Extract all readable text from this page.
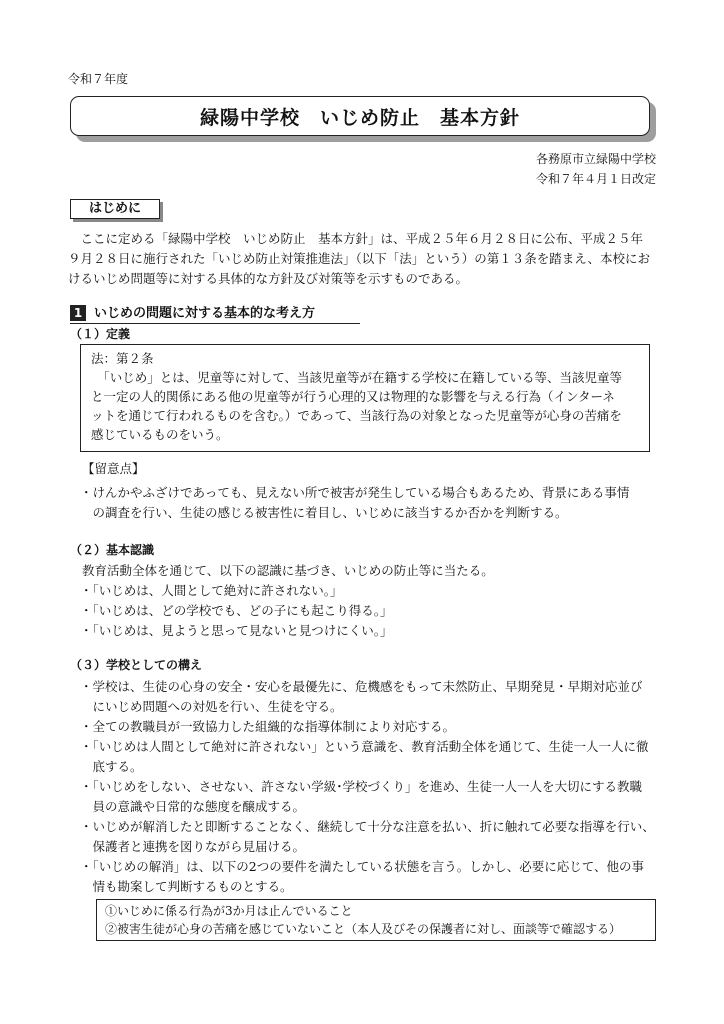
令和７年度
緑陽中学校　いじめ防止　基本方針
各務原市立緑陽中学校
令和７年４月１日改定
はじめに
　ここに定める「緑陽中学校　いじめ防止　基本方針」は、平成２５年６月２８日に公布、平成２５年
９月２８日に施行された「いじめ防止対策推進法」（以下「法」という）の第１３条を踏まえ、本校にお
けるいじめ問題等に対する具体的な方針及び対策等を示すものである。
1 いじめの問題に対する基本的な考え方
（１）定義
法：第２条
　「いじめ」とは、児童等に対して、当該児童等が在籍する学校に在籍している等、当該児童等
と一定の人的関係にある他の児童等が行う心理的又は物理的な影響を与える行為（インターネ
ットを通じて行われるものを含む。）であって、当該行為の対象となった児童等が心身の苦痛を
感じているものをいう。
【留意点】
・けんかやふざけであっても、見えない所で被害が発生している場合もあるため、背景にある事情
　の調査を行い、生徒の感じる被害性に着目し、いじめに該当するか否かを判断する。
（２）基本認識
教育活動全体を通じて、以下の認識に基づき、いじめの防止等に当たる。
・「いじめは、人間として絶対に許されない。」
・「いじめは、どの学校でも、どの子にも起こり得る。」
・「いじめは、見ようと思って見ないと見つけにくい。」
（３）学校としての構え
・学校は、生徒の心身の安全・安心を最優先に、危機感をもって未然防止、早期発見・早期対応並び
　にいじめ問題への対処を行い、生徒を守る。
・全ての教職員が一致協力した組織的な指導体制により対応する。
・「いじめは人間として絶対に許されない」という意識を、教育活動全体を通じて、生徒一人一人に徹
　底する。
・「いじめをしない、させない、許さない学級･学校づくり」を進め、生徒一人一人を大切にする教職
　員の意識や日常的な態度を醸成する。
・いじめが解消したと即断することなく、継続して十分な注意を払い、折に触れて必要な指導を行い、
　保護者と連携を図りながら見届ける。
・「いじめの解消」は、以下の2つの要件を満たしている状態を言う。しかし、必要に応じて、他の事
　情も勘案して判断するものとする。
①いじめに係る行為が3か月は止んでいること
②被害生徒が心身の苦痛を感じていないこと（本人及びその保護者に対し、面談等で確認する）
